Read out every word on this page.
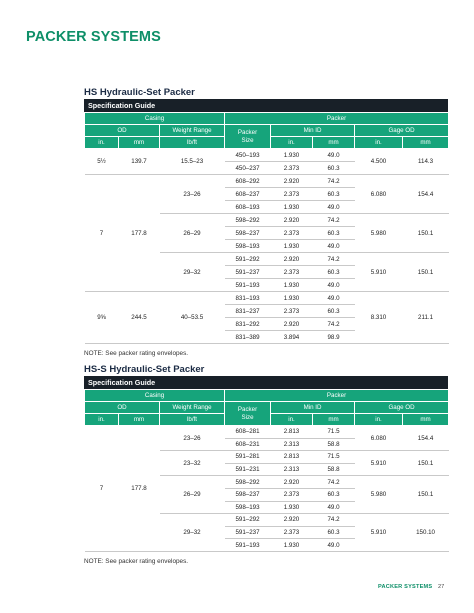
PACKER SYSTEMS
HS Hydraulic-Set Packer
Specification Guide
Casing			Packer				
OD		Weight Range	Packer
Size	Min ID		Gage OD	
in.	mm	lb/ft		in.	mm	in.	mm
5½	139.7	15.5–23	450–193	1.930	49.0	4.500	114.3
			450–237	2.373	60.3		
7	177.8	23–26	608–292	2.920	74.2	6.080	154.4
			608–237	2.373	60.3		
			608–193	1.930	49.0		
		26–29	598–292	2.920	74.2	5.980	150.1
			598–237	2.373	60.3		
			598–193	1.930	49.0		
		29–32	591–292	2.920	74.2	5.910	150.1
			591–237	2.373	60.3		
			591–193	1.930	49.0		
9⅝	244.5	40–53.5	831–193	1.930	49.0	8.310	211.1
			831–237	2.373	60.3		
			831–292	2.920	74.2		
			831–389	3.894	98.9		
NOTE: See packer rating envelopes.
HS-S Hydraulic-Set Packer
Specification Guide
Casing			Packer				
OD		Weight Range	Packer
Size	Min ID		Gage OD	
in.	mm	lb/ft		in.	mm	in.	mm
7	177.8	23–26	608–281	2.813	71.5	6.080	154.4
			608–231	2.313	58.8		
		23–32	591–281	2.813	71.5	5.910	150.1
			591–231	2.313	58.8		
		26–29	598–292	2.920	74.2	5.980	150.1
			598–237	2.373	60.3		
			598–193	1.930	49.0		
		29–32	591–292	2.920	74.2	5.910	150.10
			591–237	2.373	60.3		
			591–193	1.930	49.0		
NOTE: See packer rating envelopes.
PACKER SYSTEMS 27
